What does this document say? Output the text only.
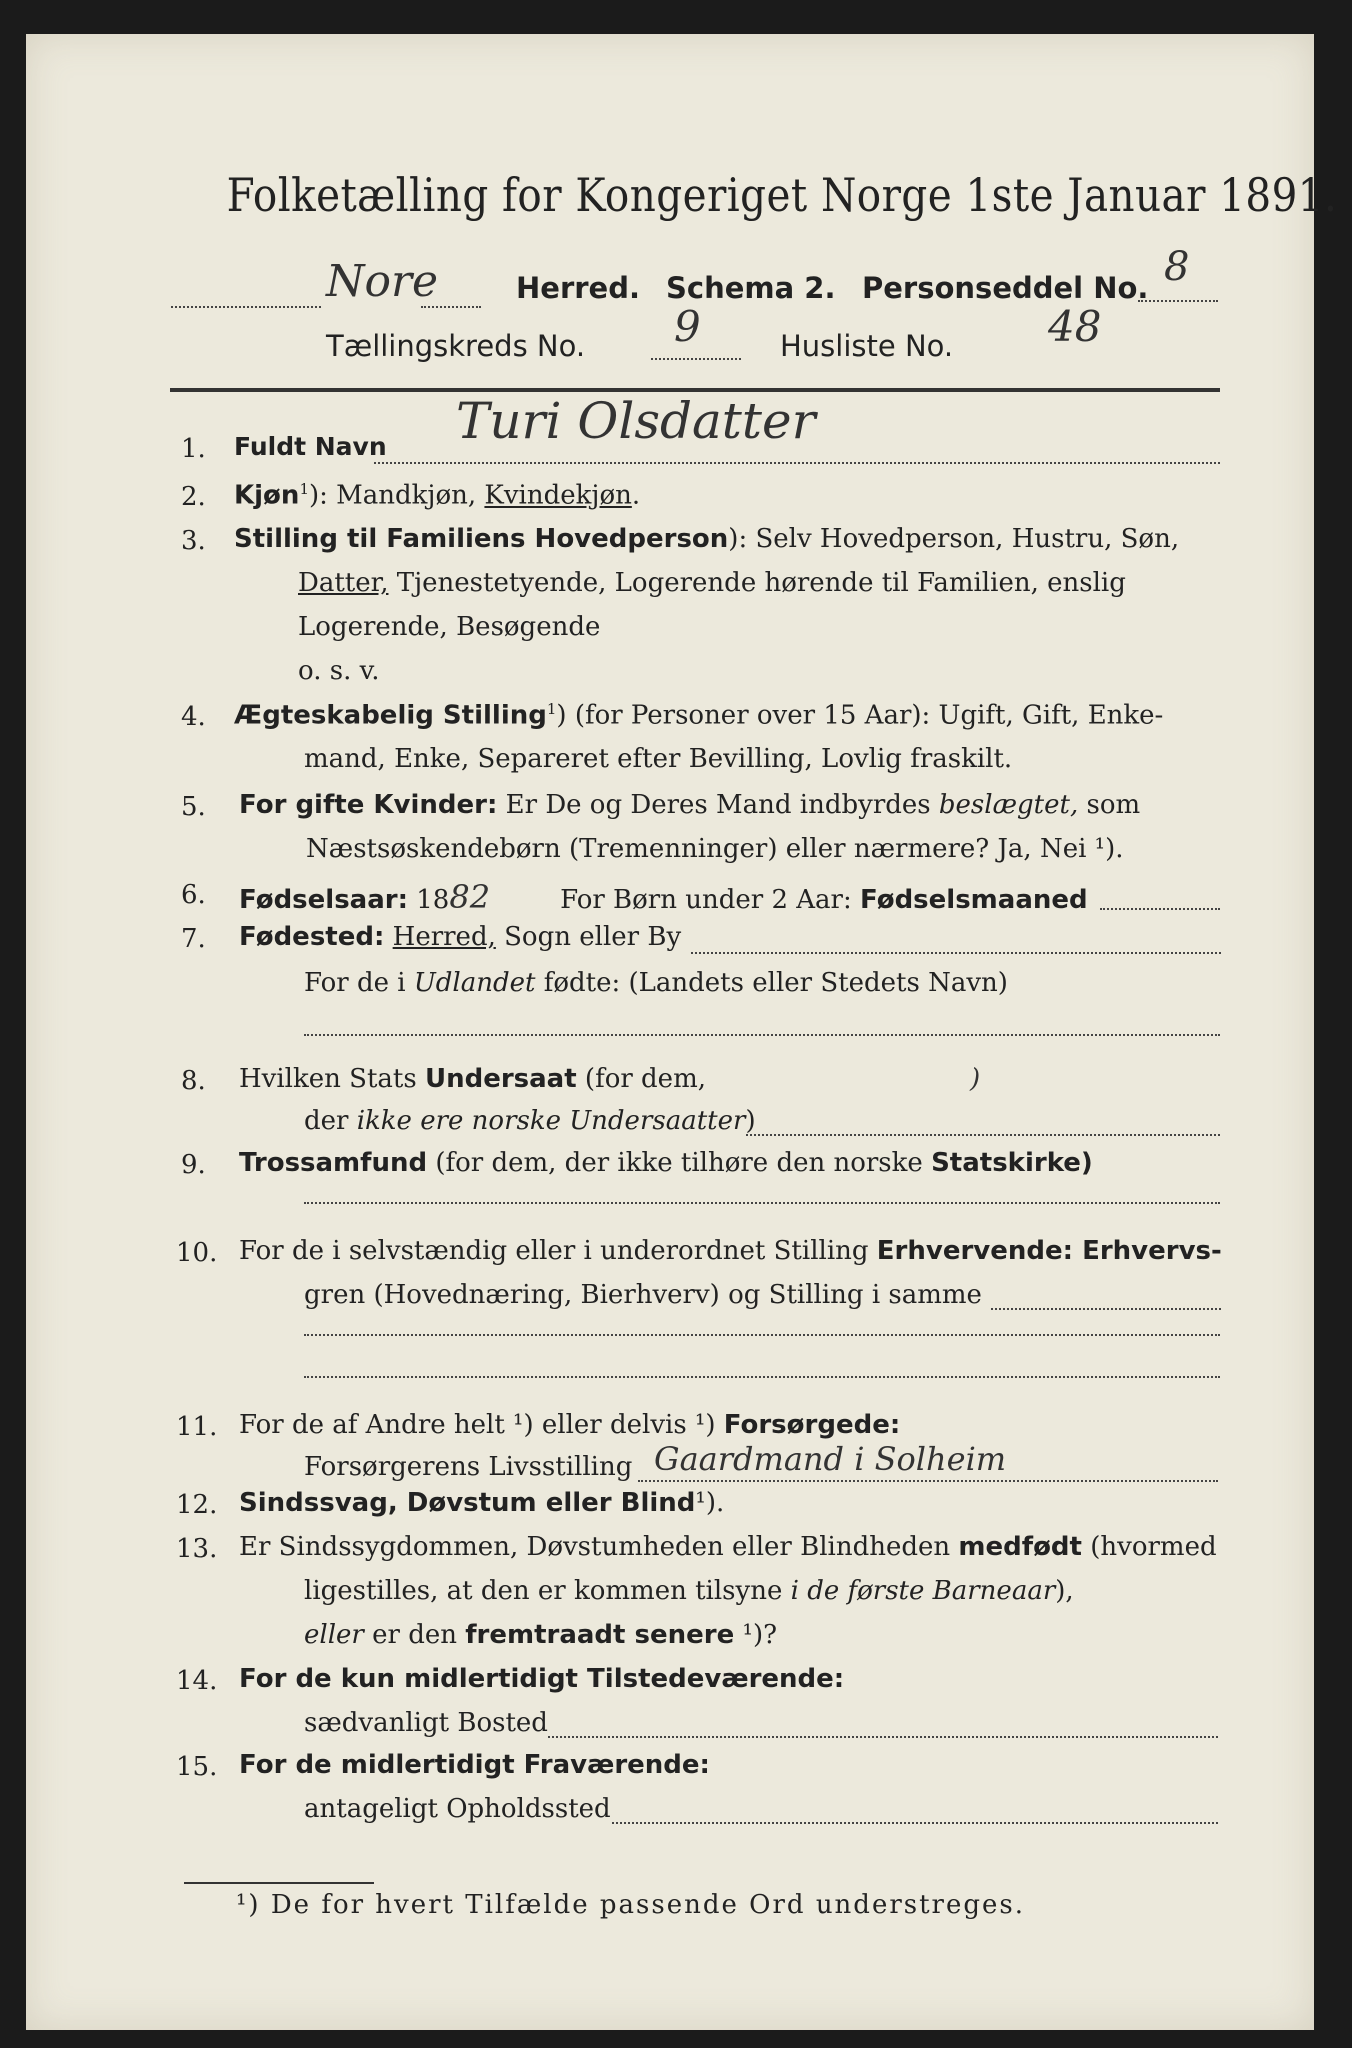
Folketælling for Kongeriget Norge 1ste Januar 1891.
Nore	Herred. Schema 2. Personseddel No. 8
Tællingskreds No. 9	Husliste No. 48
1. Fuldt Navn Turi Olsdatter
2. Kjøn$^1$): Mandkjøn, Kvindekjøn.
3. Stilling til Familiens Hovedperson): Selv Hovedperson, Hustru, Søn,
Datter, Tjenestetyende, Logerende hørende til Familien, enslig
Logerende, Besøgende
o. s. v.
4. Ægteskabelig Stilling$^1$) (for Personer over 15 Aar): Ugift, Gift, Enke-
mand, Enke, Separeret efter Bevilling, Lovlig fraskilt.
5. For gifte Kvinder: Er De og Deres Mand indbyrdes beslægtet, som
Næstsøskendebørn (Tremenninger) eller nærmere? Ja, Nei ¹).
6. Fødselsaar: 1882	For Børn under 2 Aar: Fødselsmaaned
7. Fødested: Herred, Sogn eller By
For de i Udlandet fødte: (Landets eller Stedets Navn)
8. Hvilken Stats Undersaat (for dem,	)
der ikke ere norske Undersaatter)
9. Trossamfund (for dem, der ikke tilhøre den norske Statskirke)
10. For de i selvstændig eller i underordnet Stilling Erhvervende: Erhvervs-
gren (Hovednæring, Bierhverv) og Stilling i samme
11. For de af Andre helt ¹) eller delvis ¹) Forsørgede:
Forsørgerens Livsstilling Gaardmand i Solheim
12. Sindssvag, Døvstum eller Blind¹).
13. Er Sindssygdommen, Døvstumheden eller Blindheden medfødt (hvormed
ligestilles, at den er kommen tilsyne i de første Barneaar),
eller er den fremtraadt senere ¹)?
14. For de kun midlertidigt Tilstedeværende:
sædvanligt Bosted
15. For de midlertidigt Fraværende:
antageligt Opholdssted
¹) De for hvert Tilfælde passende Ord understreges.
